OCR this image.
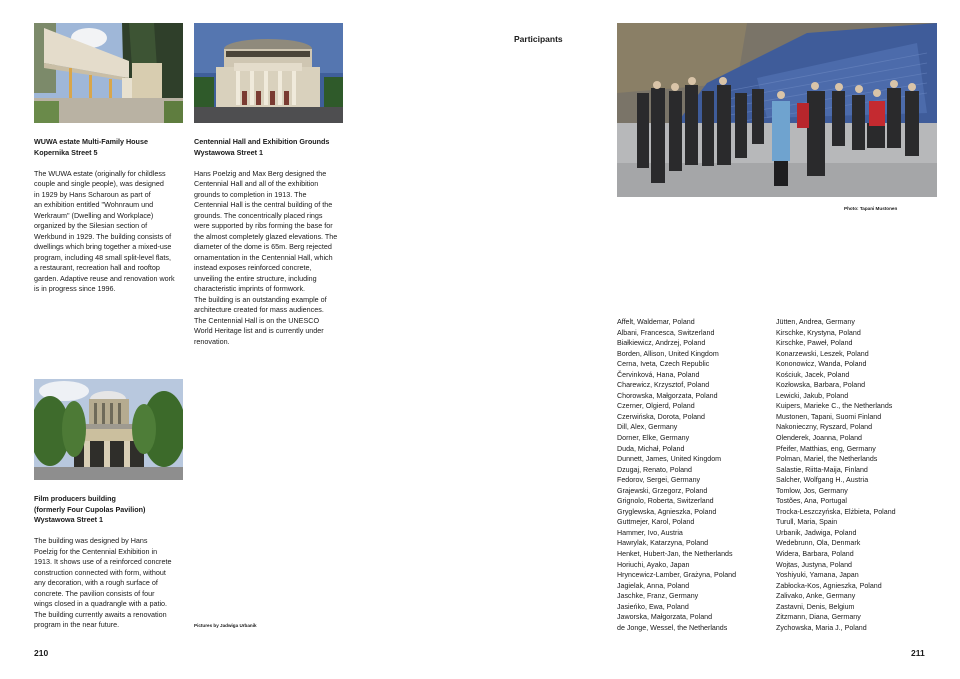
WUWA estate Multi-Family House

Kopernika Street 5

The WUWA estate (originally for childless

couple and single people), was designed

in 1929 by Hans Scharoun as part of

an exhibition entitled "Wohnraum und

Werkraum" (Dwelling and Workplace)

organized by the Silesian section of

Werkbund in 1929. The building consists of

dwellings which bring together a mixed-use

program, including 48 small split-level flats,

a restaurant, recreation hall and rooftop

garden. Adaptive reuse and renovation work

is in progress since 1996.

Centennial Hall and Exhibition Grounds

Wystawowa Street 1

Hans Poelzig and Max Berg designed the

Centennial Hall and all of the exhibition

grounds to completion in 1913. The

Centennial Hall is the central building of the

grounds. The concentrically placed rings

were supported by ribs forming the base for

the almost completely glazed elevations. The

diameter of the dome is 65m. Berg rejected

ornamentation in the Centennial Hall, which

instead exposes reinforced concrete,

unveiling the entire structure, including

characteristic imprints of formwork.

The building is an outstanding example of

architecture created for mass audiences.

The Centennial Hall is on the UNESCO

World Heritage list and is currently under

renovation.

Film producers building

(formerly Four Cupolas Pavilion)

Wystawowa Street 1

The building was designed by Hans

Poelzig for the Centennial Exhibition in

1913. It shows use of a reinforced concrete

construction connected with form, without

any decoration, with a rough surface of

concrete. The pavilion consists of four

wings closed in a quadrangle with a patio.

The building currently awaits a renovation

program in the near future.	Pictures by Jadwiga Urbanik
210
Participants
Photo: Tapani Mustonen
Affelt, Waldemar, Poland
Albani, Francesca, Switzerland
Białkiewicz, Andrzej, Poland
Borden, Allison, United Kingdom
Cerna, Iveta, Czech Republic
Červinková, Hana, Poland
Charewicz, Krzysztof, Poland
Chorowska, Małgorzata, Poland
Czerner, Olgierd, Poland
Czerwińska, Dorota, Poland
Dill, Alex, Germany
Dorner, Elke, Germany
Duda, Michał, Poland
Dunnett, James, United Kingdom
Dzugaj, Renato, Poland
Fedorov, Sergei, Germany
Grajewski, Grzegorz, Poland
Grignolo, Roberta, Switzerland
Gryglewska, Agnieszka, Poland
Guttmejer, Karol, Poland
Hammer, Ivo, Austria
Hawrylak, Katarzyna, Poland
Henket, Hubert-Jan, the Netherlands
Horiuchi, Ayako, Japan
Hryncewicz-Lamber, Grażyna, Poland
Jagielak, Anna, Poland
Jaschke, Franz, Germany
Jasieńko, Ewa, Poland
Jaworska, Małgorzata, Poland
de Jonge, Wessel, the Netherlands
Jütten, Andrea, Germany
Kirschke, Krystyna, Poland
Kirschke, Paweł, Poland
Konarzewski, Leszek, Poland
Kononowicz, Wanda, Poland
Kościuk, Jacek, Poland
Kozłowska, Barbara, Poland
Lewicki, Jakub, Poland
Kuipers, Marieke C., the Netherlands
Mustonen, Tapani, Suomi Finland
Nakonieczny, Ryszard, Poland
Olenderek, Joanna, Poland
Pfeifer, Matthias, eng, Germany
Polman, Mariel, the Netherlands
Salastie, Riitta-Maija, Finland
Salcher, Wolfgang H., Austria
Tomlow, Jos, Germany
Tostões, Ana, Portugal
Trocka-Leszczyńska, Elżbieta, Poland
Turull, Maria, Spain
Urbanik, Jadwiga, Poland
Wedebrunn, Ola, Denmark
Widera, Barbara, Poland
Wojtas, Justyna, Poland
Yoshiyuki, Yamana, Japan
Zabłocka-Kos, Agnieszka, Poland
Zalivako, Anke, Germany
Zastavni, Denis, Belgium
Zitzmann, Diana, Germany
Zychowska, Maria J., Poland
211
